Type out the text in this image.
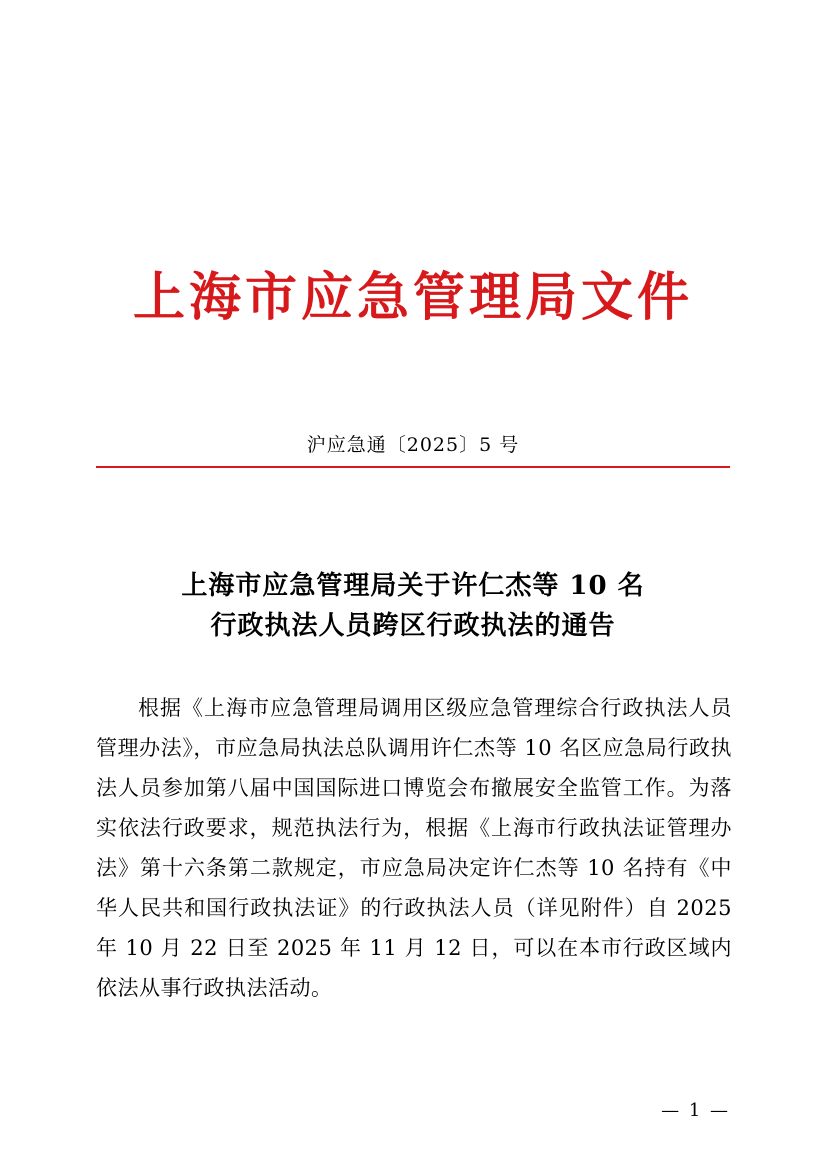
上海市应急管理局文件
沪应急通〔2025〕5 号
上海市应急管理局关于许仁杰等 10 名
行政执法人员跨区行政执法的通告

根据《上海市应急管理局调用区级应急管理综合行政执法人员管理办法》，市应急局执法总队调用许仁杰等 10 名区应急局行政执法人员参加第八届中国国际进口博览会布撤展安全监管工作。为落实依法行政要求，规范执法行为，根据《上海市行政执法证管理办法》第十六条第二款规定，市应急局决定许仁杰等 10 名持有《中华人民共和国行政执法证》的行政执法人员（详见附件）自 2025 年 10 月 22 日至 2025 年 11 月 12 日，可以在本市行政区域内依法从事行政执法活动。

— 1 —
